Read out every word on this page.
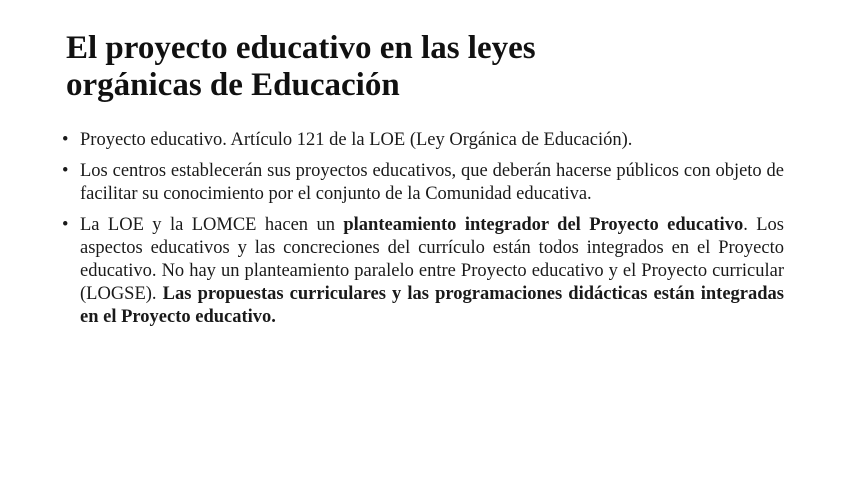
El proyecto educativo en las leyes
orgánicas de Educación
• Proyecto educativo. Artículo 121 de la LOE (Ley Orgánica de Educación).
• Los centros establecerán sus proyectos educativos, que deberán hacerse públicos con objeto de facilitar su conocimiento por el conjunto de la Comunidad educativa.
• La LOE y la LOMCE hacen un planteamiento integrador del Proyecto educativo. Los aspectos educativos y las concreciones del currículo están todos integrados en el Proyecto educativo. No hay un planteamiento paralelo entre Proyecto educativo y el Proyecto curricular (LOGSE). Las propuestas curriculares y las programaciones didácticas están integradas en el Proyecto educativo.
